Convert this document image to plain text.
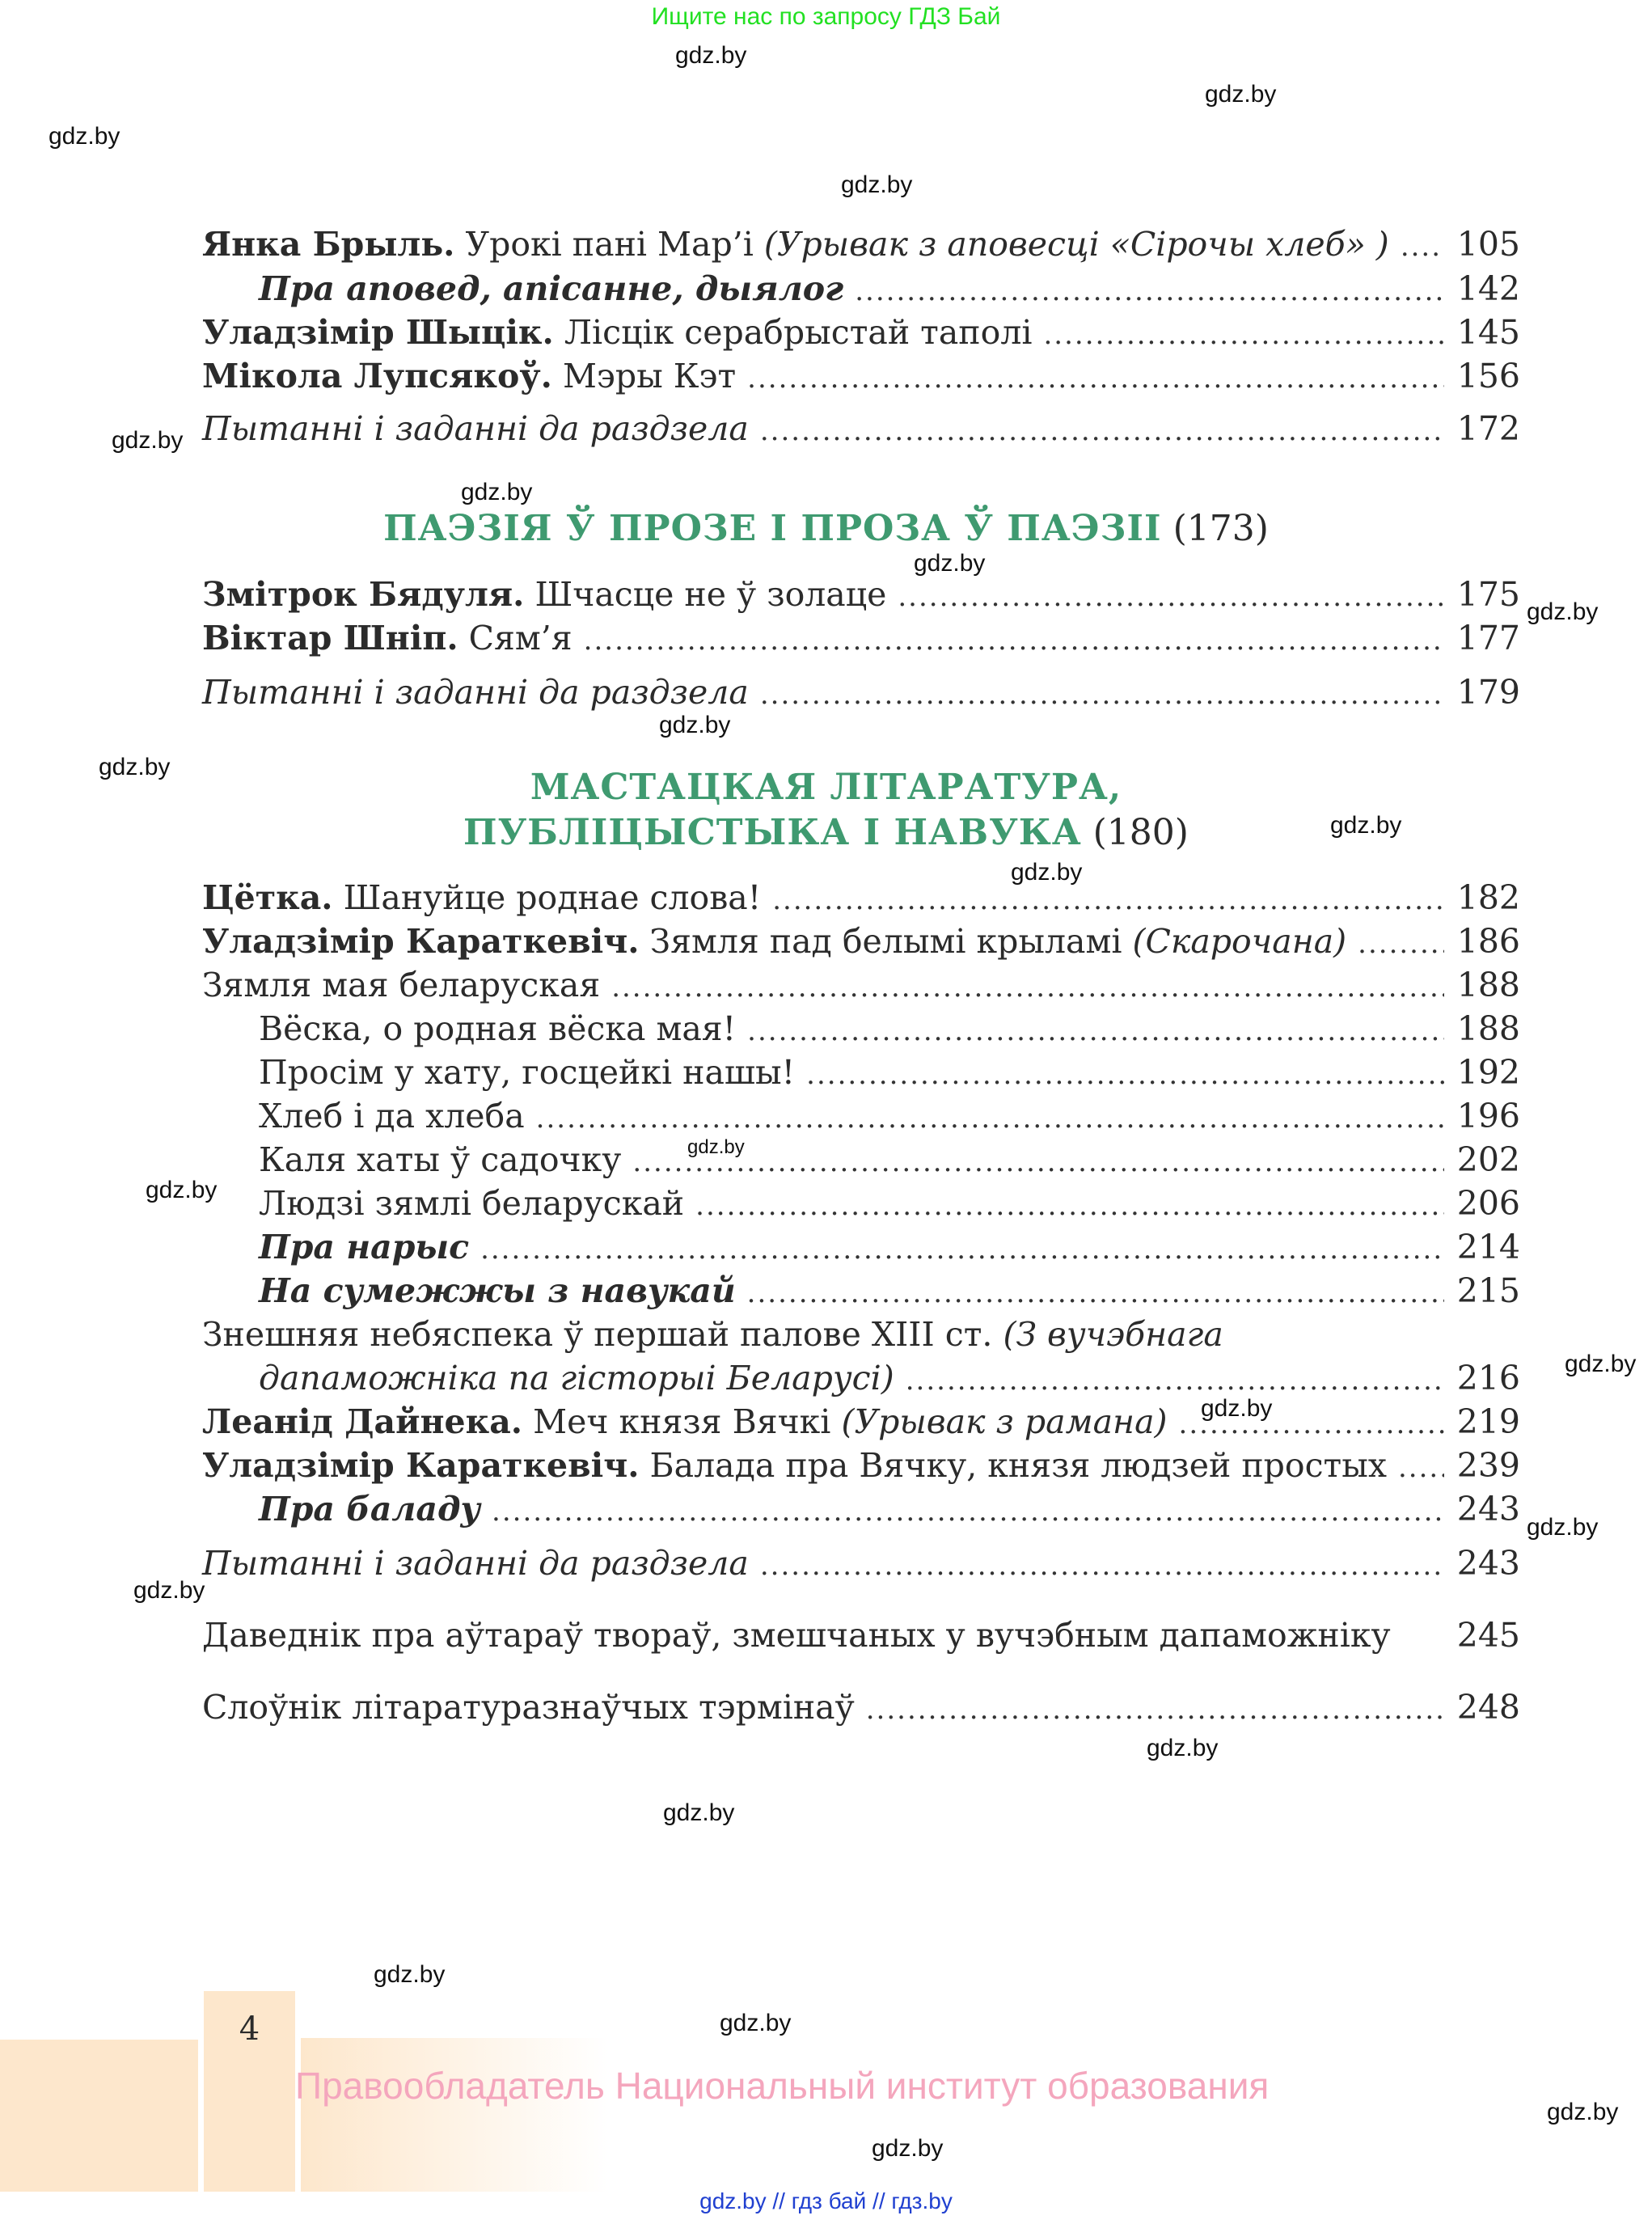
Ищите нас по запросу ГДЗ Бай
gdz.by
gdz.by
gdz.by
gdz.by
gdz.by
gdz.by
gdz.by
gdz.by
gdz.by
gdz.by
gdz.by
gdz.by
gdz.by
gdz.by
gdz.by
gdz.by
gdz.by
gdz.by
gdz.by
gdz.by
gdz.by
gdz.by
gdz.by
gdz.by
Янка Брыль. Урокі пані Мар’і (Урывак з аповесці «Сірочы хлеб» ) ..... 105
Пра аповед, апісанне, дыялог .....	142
Уладзімір Шыцік. Лісцік серабрыстай таполі .....	145
Мікола Лупсякоў. Мэры Кэт .....	156
Пытанні і заданні да раздзела .....	172
ПАЭЗІЯ Ў ПРОЗЕ І ПРОЗА Ў ПАЭЗІІ (173)
Змітрок Бядуля. Шчасце не ў золаце .....	175
Віктар Шніп. Сям’я .....	177
Пытанні і заданні да раздзела .....	179
МАСТАЦКАЯ ЛІТАРАТУРА,
ПУБЛІЦЫСТЫКА І НАВУКА (180)
Цётка. Шануйце роднае слова! .....	182
Уладзімір Караткевіч. Зямля пад белымі крыламі (Скарочана) .....	186
Зямля мая беларуская .....	188
Вёска, о родная вёска мая! .....	188
Просім у хату, госцейкі нашы! .....	192
Хлеб і да хлеба .....	196
Каля хаты ў садочку .....	202
Людзі зямлі беларускай .....	206
Пра нарыс .....	214
На сумежжы з навукай .....	215
Знешняя небяспека ў першай палове XIII ст. (З вучэбнага
дапаможніка па гісторыі Беларусі) .....	216
Леанід Дайнека. Меч князя Вячкі (Урывак з рамана) .....	219
Уладзімір Караткевіч. Балада пра Вячку, князя людзей простых ..... 239
Пра баладу .....	243
Пытанні і заданні да раздзела .....	243
Даведнік пра аўтараў твораў, змешчаных у вучэбным дапаможніку	245
Слоўнік літаратуразнаўчых тэрмінаў .....	248
4
Правообладатель Национальный институт образования
gdz.by // гдз бай // гдз.by
